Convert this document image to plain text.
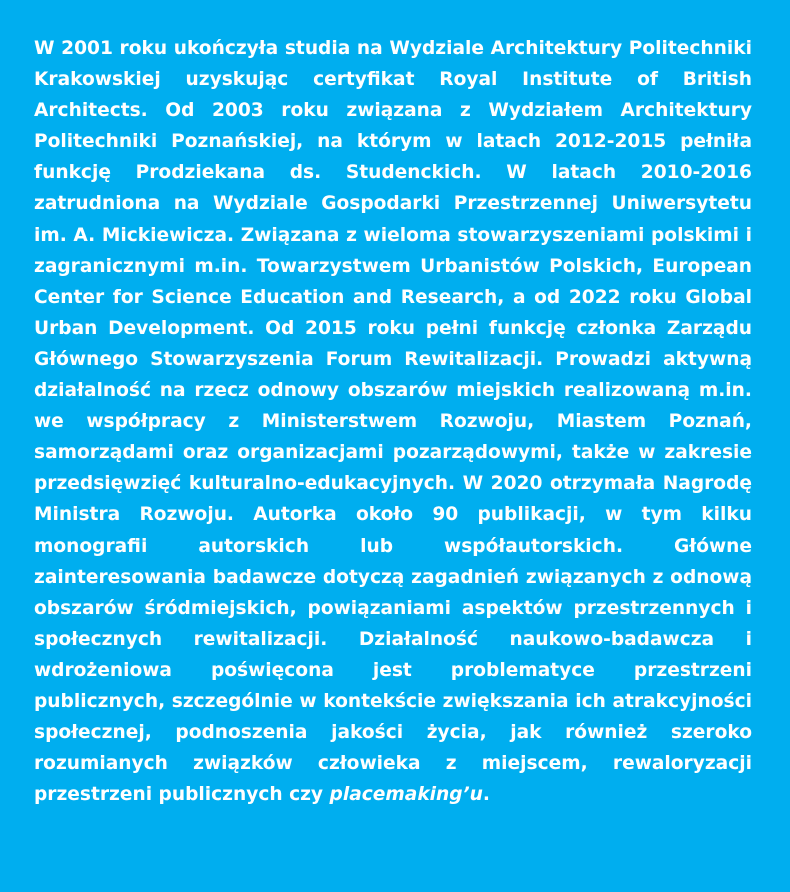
W 2001 roku ukończyła studia na Wydziale Architektury Politechniki Krakowskiej uzyskując certyfikat Royal Institute of British Architects. Od 2003 roku związana z Wydziałem Architektury Politechniki Poznańskiej, na którym w latach 2012-2015 pełniła funkcję Prodziekana ds. Studenckich. W latach 2010-2016 zatrudniona na Wydziale Gospodarki Przestrzennej Uniwersytetu im. A. Mickiewicza. Związana z wieloma stowarzyszeniami polskimi i zagranicznymi m.in. Towarzystwem Urbanistów Polskich, European Center for Science Education and Research, a od 2022 roku Global Urban Development. Od 2015 roku pełni funkcję członka Zarządu Głównego Stowarzyszenia Forum Rewitalizacji. Prowadzi aktywną działalność na rzecz odnowy obszarów miejskich realizowaną m.in. we współpracy z Ministerstwem Rozwoju, Miastem Poznań, samorządami oraz organizacjami pozarządowymi, także w zakresie przedsięwzięć kulturalno-edukacyjnych. W 2020 otrzymała Nagrodę Ministra Rozwoju. Autorka około 90 publikacji, w tym kilku monografii autorskich lub współautorskich. Główne zainteresowania badawcze dotyczą zagadnień związanych z odnową obszarów śródmiejskich, powiązaniami aspektów przestrzennych i społecznych rewitalizacji. Działalność naukowo-badawcza i wdrożeniowa poświęcona jest problematyce przestrzeni publicznych, szczególnie w kontekście zwiększania ich atrakcyjności społecznej, podnoszenia jakości życia, jak również szeroko rozumianych związków człowieka z miejscem, rewaloryzacji przestrzeni publicznych czy placemaking’u.
